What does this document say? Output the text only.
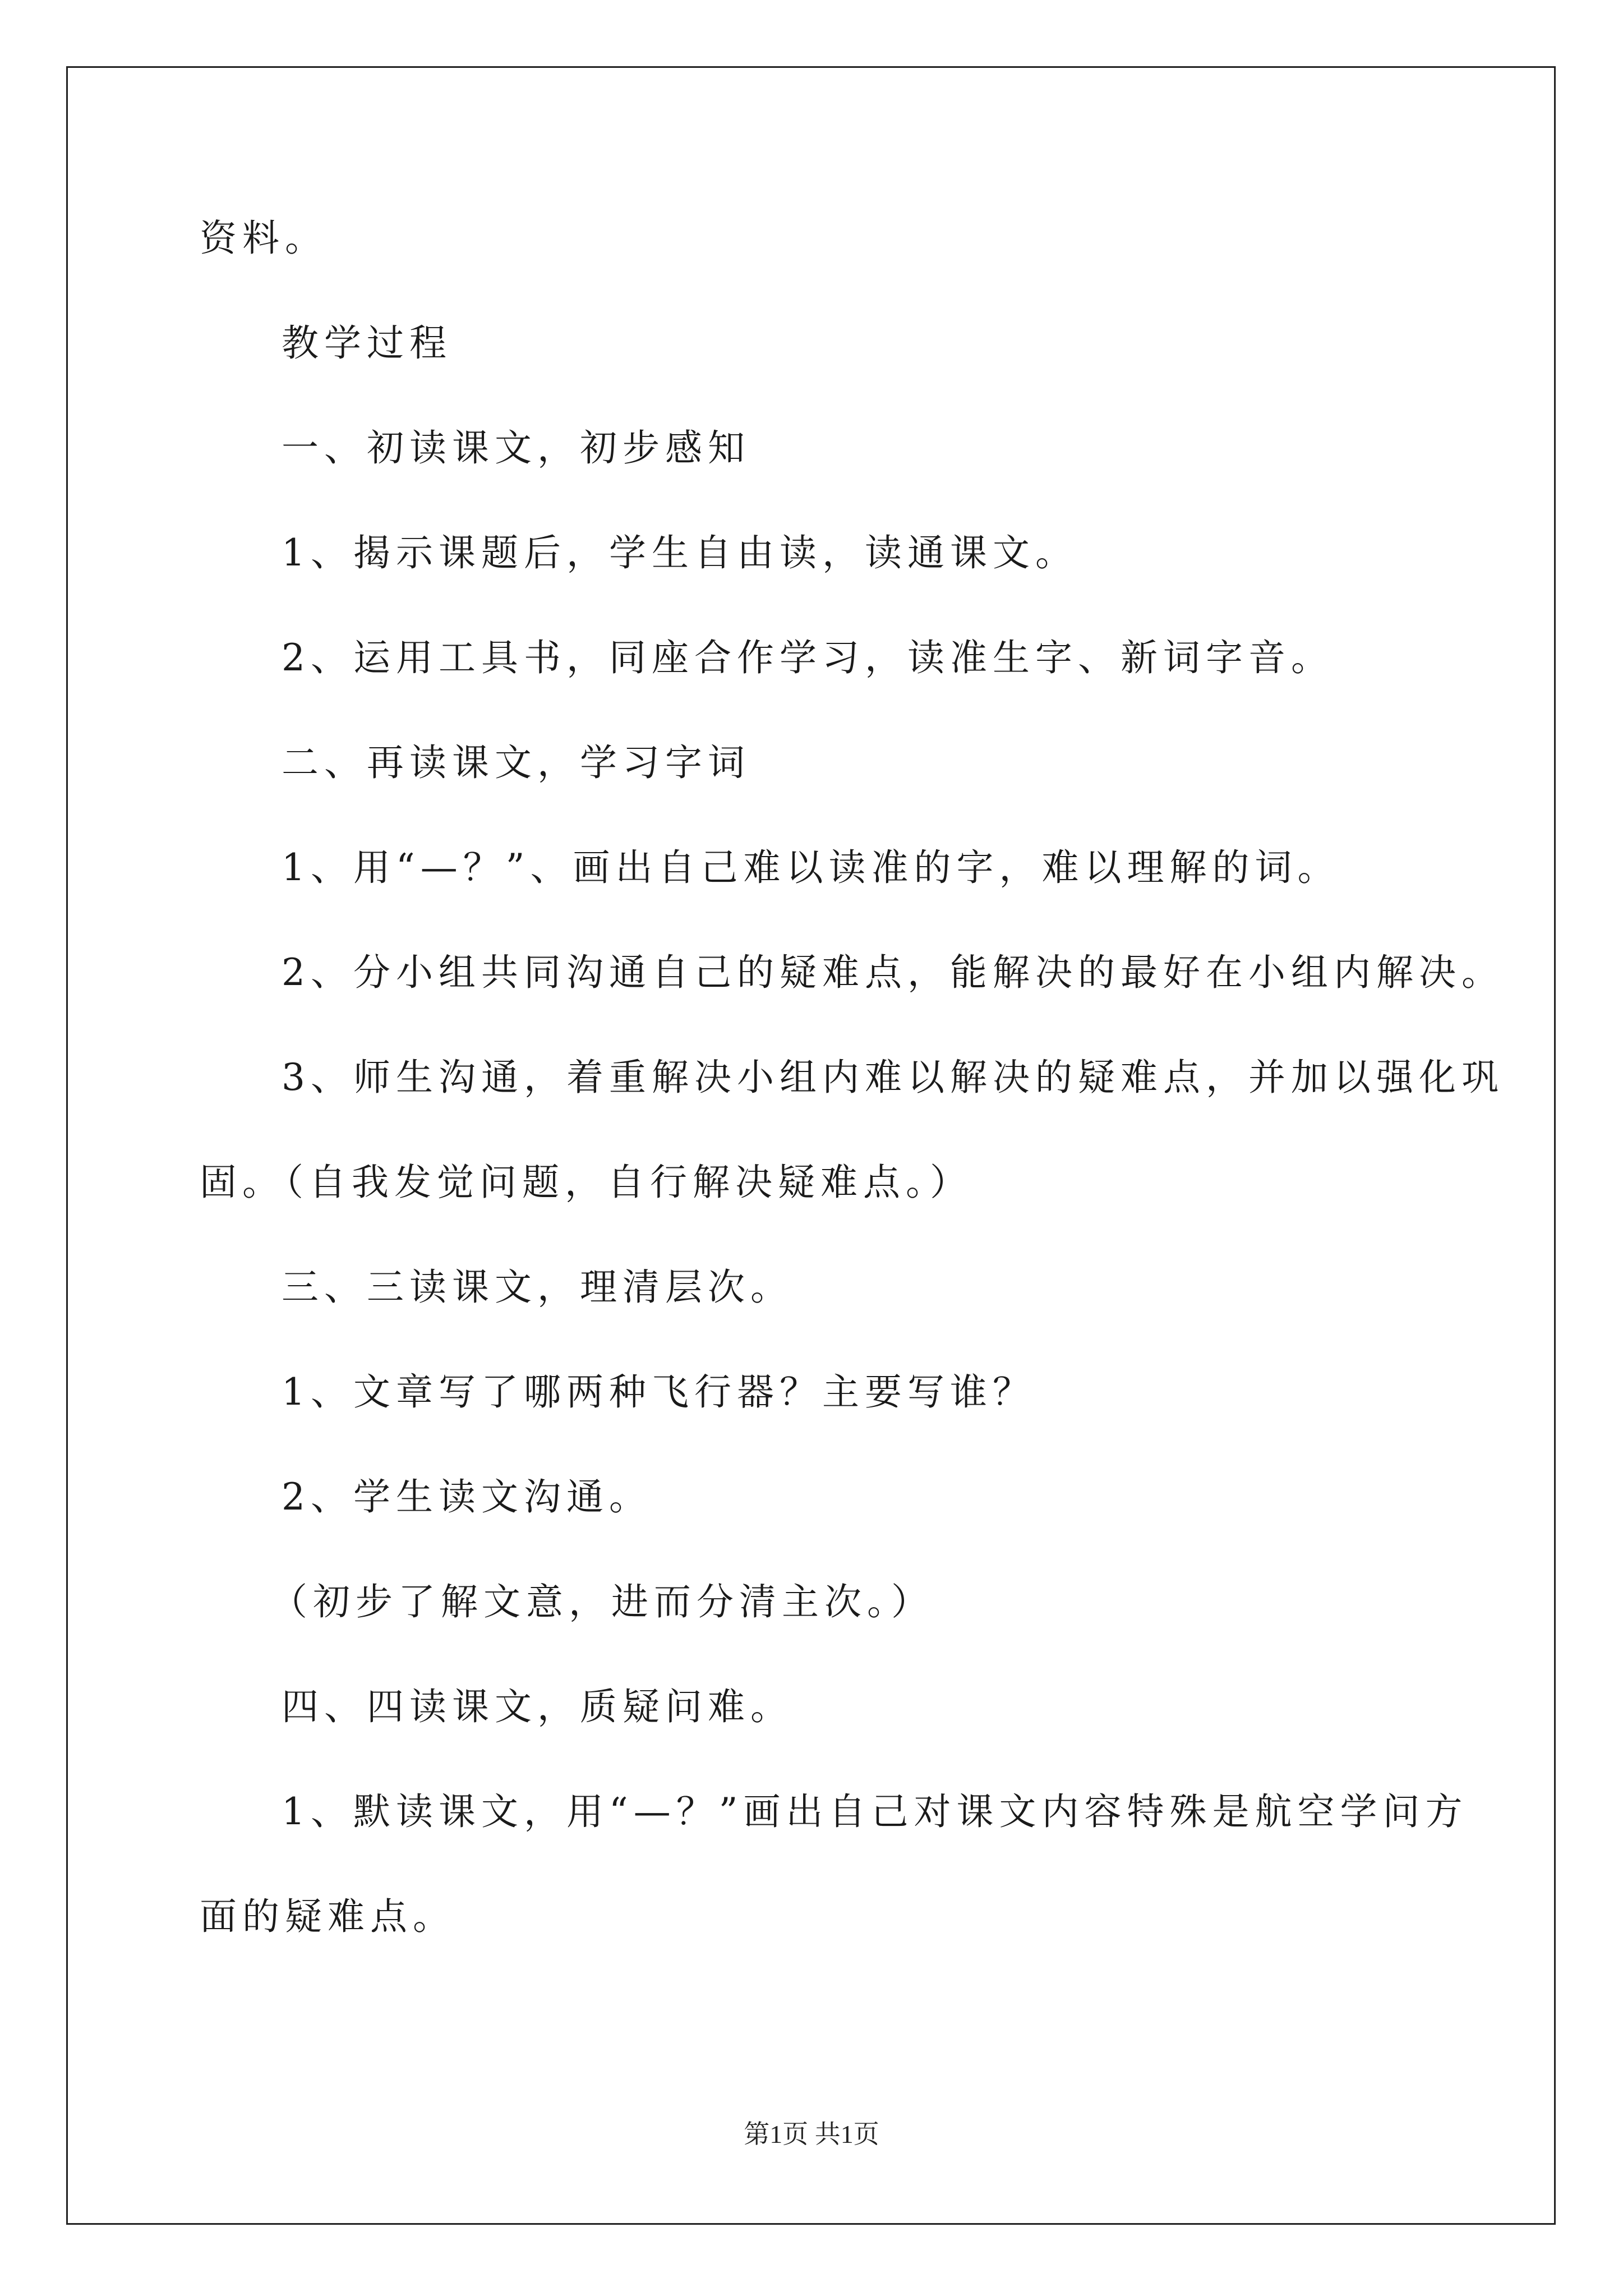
资料。
教学过程
一、初读课文，初步感知
1、揭示课题后，学生自由读，读通课文。
2、运用工具书，同座合作学习，读准生字、新词字音。
二、再读课文，学习字词
1、用“—？”、画出自己难以读准的字，难以理解的词。
2、分小组共同沟通自己的疑难点，能解决的最好在小组内解决。
3、师生沟通，着重解决小组内难以解决的疑难点，并加以强化巩
固。（自我发觉问题，自行解决疑难点。）
三、三读课文，理清层次。
1、文章写了哪两种飞行器？主要写谁？
2、学生读文沟通。
（初步了解文意，进而分清主次。）
四、四读课文，质疑问难。
1、默读课文，用“—？”画出自己对课文内容特殊是航空学问方
面的疑难点。
第1页 共1页
